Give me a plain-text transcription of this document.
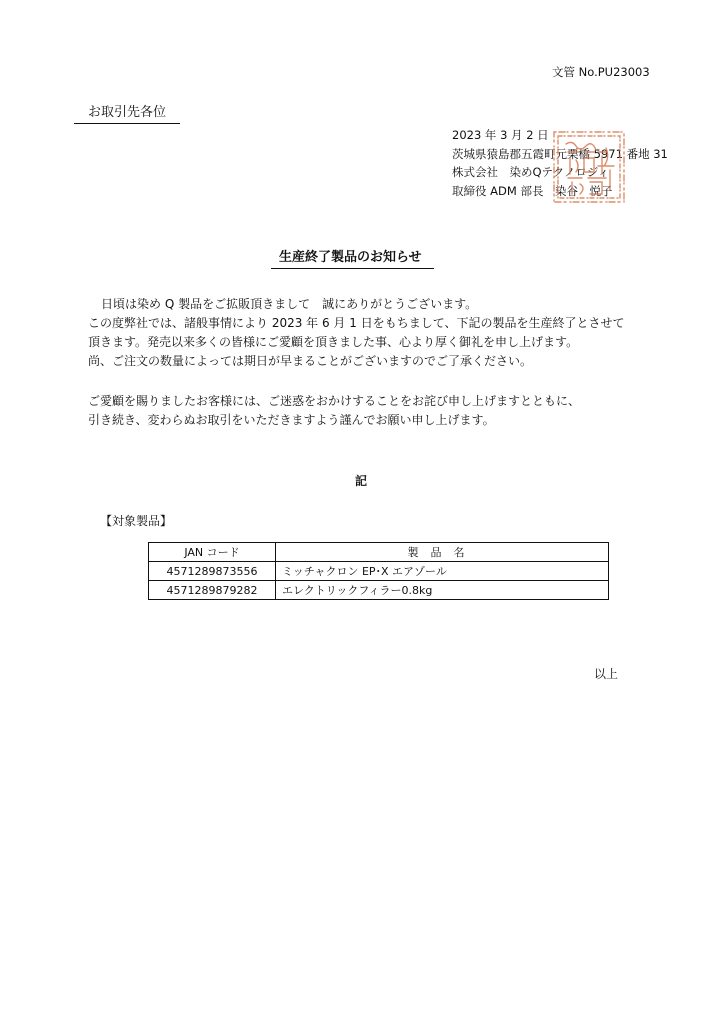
文管 No.PU23003
お取引先各位
2023 年 3 月 2 日
茨城県猿島郡五霞町元栗橋 5971 番地 31
株式会社　染めQテクノロジィ
取締役 ADM 部長　染谷　悦子
生産終了製品のお知らせ

日頃は染め Q 製品をご拡販頂きまして　誠にありがとうございます。

この度弊社では、諸般事情により 2023 年 6 月 1 日をもちまして、下記の製品を生産終了とさせて

頂きます。発売以来多くの皆様にご愛顧を頂きました事、心より厚く御礼を申し上げます。

尚、ご注文の数量によっては期日が早まることがございますのでご了承ください。

ご愛顧を賜りましたお客様には、ご迷惑をおかけすることをお詫び申し上げますとともに、

引き続き、変わらぬお取引をいただきますよう謹んでお願い申し上げます。

記
【対象製品】
JAN コード	製品名
4571289873556	ミッチャクロン EP･X エアゾール
4571289879282	エレクトリックフィラー0.8kg
以上
